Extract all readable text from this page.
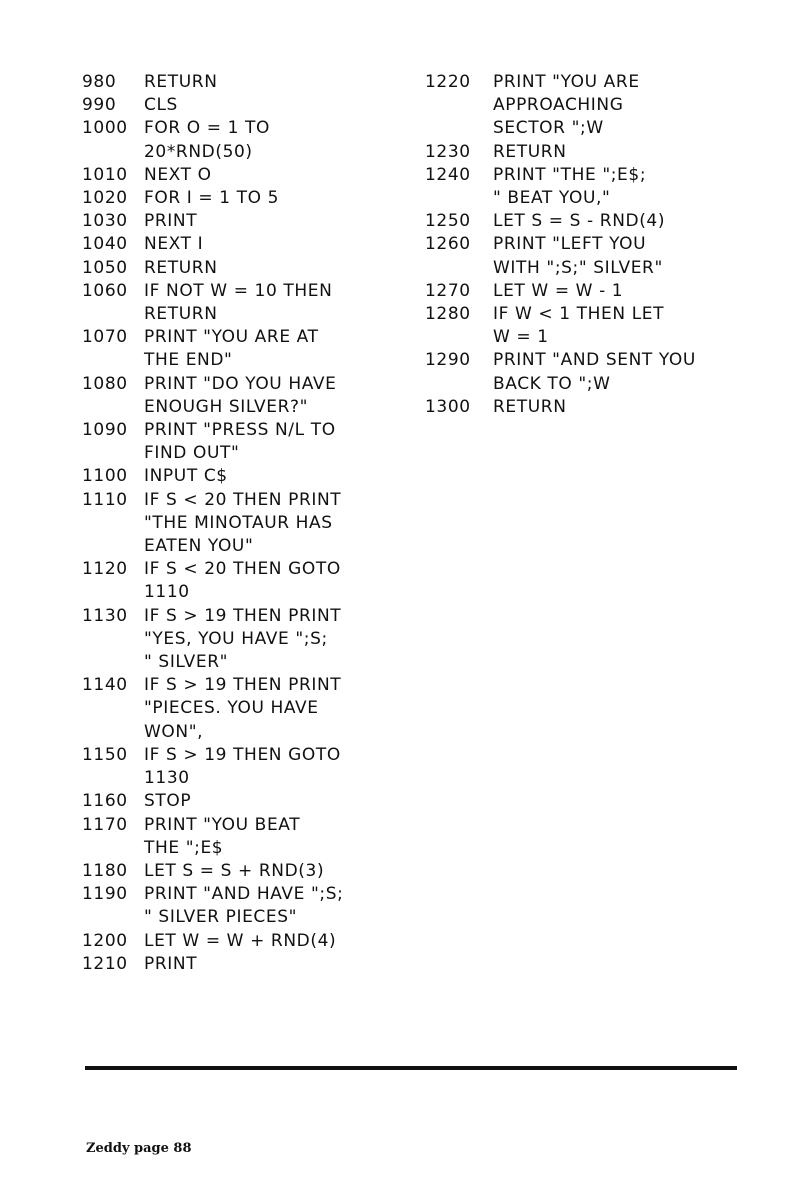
980	RETURN
990	CLS
1000 FOR O = 1 TO
20*RND(50)
1010 NEXT O
1020 FOR I = 1 TO 5
1030 PRINT
1040 NEXT I
1050 RETURN
1060 IF NOT W = 10 THEN
RETURN
1070 PRINT "YOU ARE AT
THE END"
1080 PRINT "DO YOU HAVE
ENOUGH SILVER?"
1090 PRINT "PRESS N/L TO
FIND OUT"
1100 INPUT C$
1110 IF S < 20 THEN PRINT
"THE MINOTAUR HAS
EATEN YOU"
1120 IF S < 20 THEN GOTO
1110
1130 IF S > 19 THEN PRINT
"YES, YOU HAVE ";S;
" SILVER"
1140 IF S > 19 THEN PRINT
"PIECES. YOU HAVE
WON",
1150 IF S > 19 THEN GOTO
1130
1160 STOP
1170 PRINT "YOU BEAT
THE ";E$
1180 LET S = S + RND(3)
1190 PRINT "AND HAVE ";S;
" SILVER PIECES"
1200 LET W = W + RND(4)
1210 PRINT
1220	PRINT "YOU ARE
APPROACHING
SECTOR ";W
1230	RETURN
1240	PRINT "THE ";E$;
" BEAT YOU,"
1250	LET S = S - RND(4)
1260	PRINT "LEFT YOU
WITH ";S;" SILVER"
1270	LET W = W - 1
1280	IF W < 1 THEN LET
W = 1
1290	PRINT "AND SENT YOU
BACK TO ";W
1300	RETURN
Zeddy page 88
